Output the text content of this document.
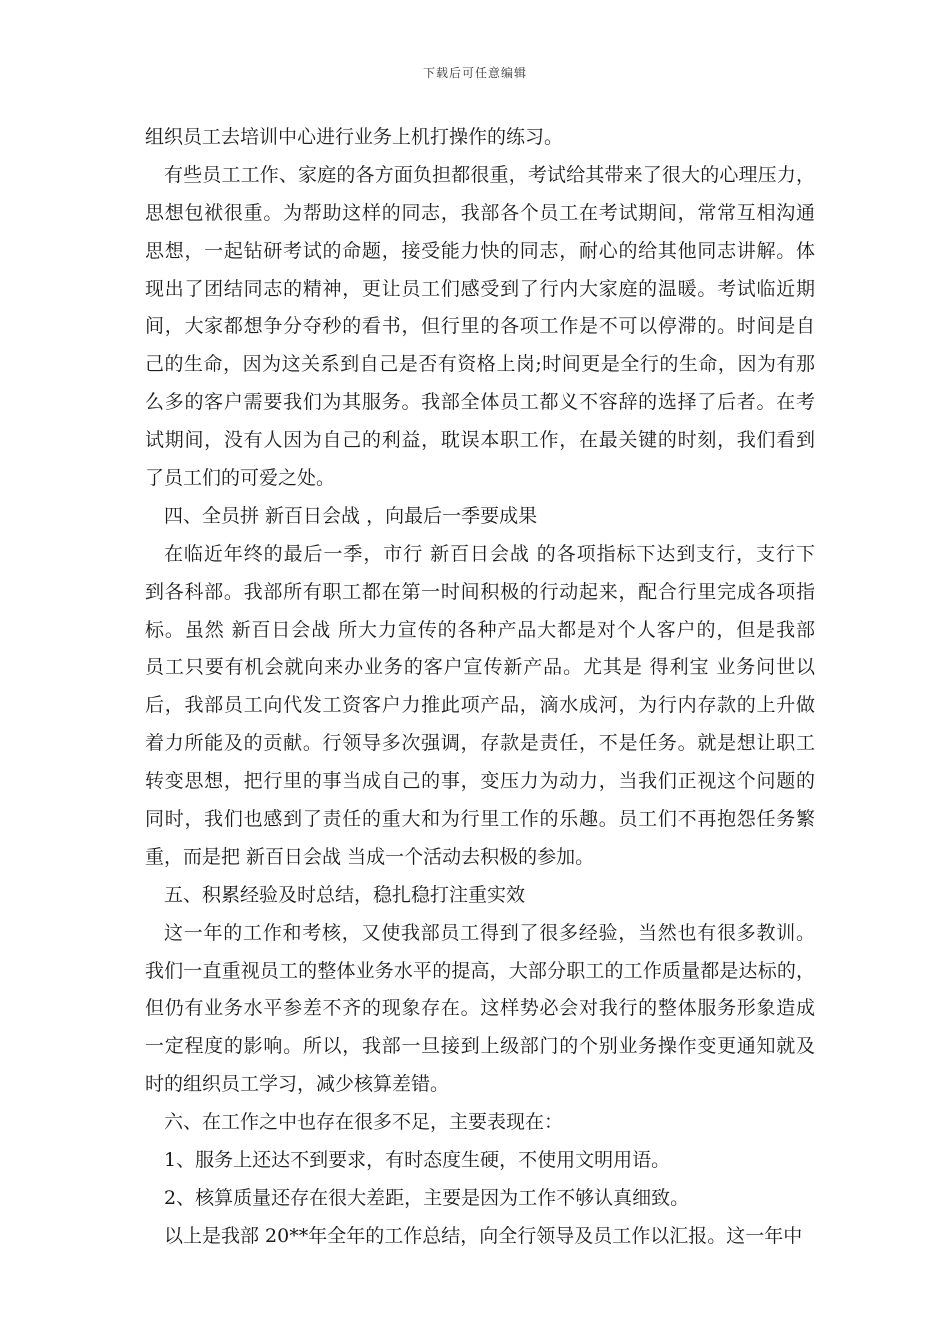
下载后可任意编辑
组织员工去培训中心进行业务上机打操作的练习。
有些员工工作、家庭的各方面负担都很重，考试给其带来了很大的心理压力，
思想包袱很重。为帮助这样的同志，我部各个员工在考试期间，常常互相沟通
思想，一起钻研考试的命题，接受能力快的同志，耐心的给其他同志讲解。体
现出了团结同志的精神，更让员工们感受到了行内大家庭的温暖。考试临近期
间，大家都想争分夺秒的看书，但行里的各项工作是不可以停滞的。时间是自
己的生命，因为这关系到自己是否有资格上岗;时间更是全行的生命，因为有那
么多的客户需要我们为其服务。我部全体员工都义不容辞的选择了后者。在考
试期间，没有人因为自己的利益，耽误本职工作，在最关键的时刻，我们看到
了员工们的可爱之处。
四、全员拼 新百日会战 ，向最后一季要成果
在临近年终的最后一季，市行 新百日会战 的各项指标下达到支行，支行下
到各科部。我部所有职工都在第一时间积极的行动起来，配合行里完成各项指
标。虽然 新百日会战 所大力宣传的各种产品大都是对个人客户的，但是我部
员工只要有机会就向来办业务的客户宣传新产品。尤其是 得利宝 业务问世以
后，我部员工向代发工资客户力推此项产品，滴水成河，为行内存款的上升做
着力所能及的贡献。行领导多次强调，存款是责任，不是任务。就是想让职工
转变思想，把行里的事当成自己的事，变压力为动力，当我们正视这个问题的
同时，我们也感到了责任的重大和为行里工作的乐趣。员工们不再抱怨任务繁
重，而是把 新百日会战 当成一个活动去积极的参加。
五、积累经验及时总结，稳扎稳打注重实效
这一年的工作和考核，又使我部员工得到了很多经验，当然也有很多教训。
我们一直重视员工的整体业务水平的提高，大部分职工的工作质量都是达标的，
但仍有业务水平参差不齐的现象存在。这样势必会对我行的整体服务形象造成
一定程度的影响。所以，我部一旦接到上级部门的个别业务操作变更通知就及
时的组织员工学习，减少核算差错。
六、在工作之中也存在很多不足，主要表现在：
1、服务上还达不到要求，有时态度生硬，不使用文明用语。
2、核算质量还存在很大差距，主要是因为工作不够认真细致。
以上是我部 20**年全年的工作总结，向全行领导及员工作以汇报。这一年中
